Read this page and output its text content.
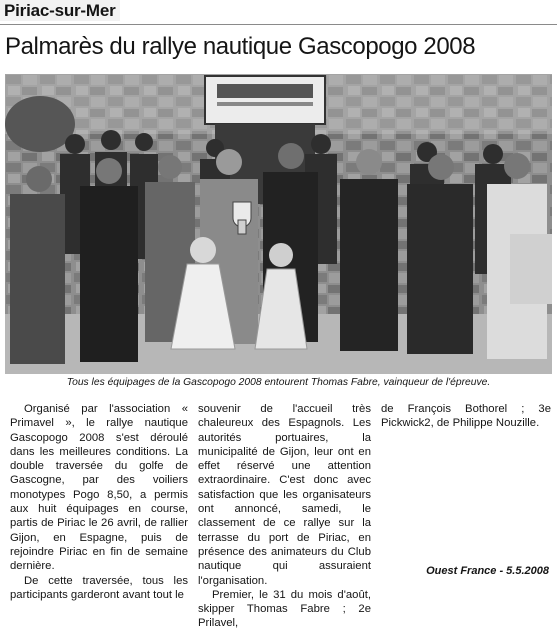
Piriac-sur-Mer
Palmarès du rallye nautique Gascopogo 2008
Tous les équipages de la Gascopogo 2008 entourent Thomas Fabre, vainqueur de l'épreuve.

Organisé par l'association « Primavel », le rallye nautique Gascopogo 2008 s'est déroulé dans les meilleures conditions. La double traversée du golfe de Gascogne, par des voiliers monotypes Pogo 8,50, a permis aux huit équipages en course, partis de Piriac le 26 avril, de rallier Gijon, en Espagne, puis de rejoindre Piriac en fin de semaine dernière.

De cette traversée, tous les participants garderont avant tout le

souvenir de l'accueil très chaleureux des Espagnols. Les autorités portuaires, la municipalité de Gijon, leur ont en effet réservé une attention extraordinaire. C'est donc avec satisfaction que les organisateurs ont annoncé, samedi, le classement de ce rallye sur la terrasse du port de Piriac, en présence des animateurs du Club nautique qui assuraient l'organisation.

Premier, le 31 du mois d'août, skipper Thomas Fabre ; 2e Prilavel,

de François Bothorel ; 3e Pickwick2, de Philippe Nouzille.

Ouest France - 5.5.2008
